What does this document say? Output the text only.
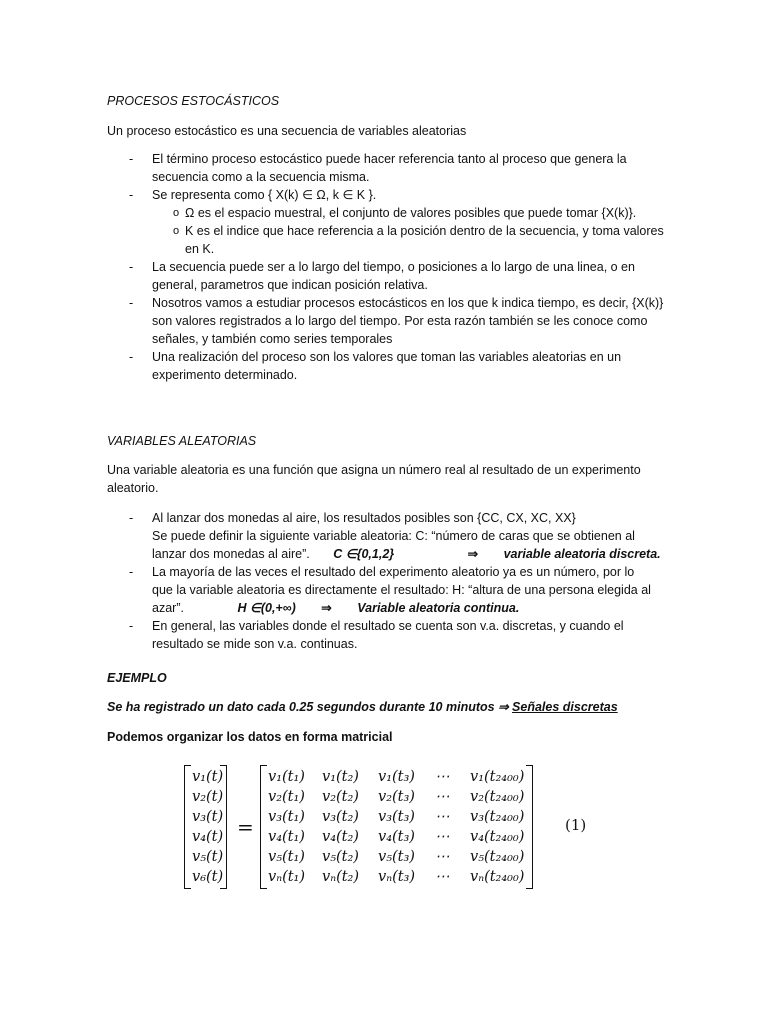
PROCESOS ESTOCÁSTICOS
Un proceso estocástico es una secuencia de variables aleatorias
- El término proceso estocástico puede hacer referencia tanto al proceso que genera la secuencia como a la secuencia misma.
- Se representa como { X(k) ∈ Ω, k ∈ K }.
o Ω es el espacio muestral, el conjunto de valores posibles que puede tomar {X(k)}.
o K es el indice que hace referencia a la posición dentro de la secuencia, y toma valores en K.
- La secuencia puede ser a lo largo del tiempo, o posiciones a lo largo de una linea, o en general, parametros que indican posición relativa.
- Nosotros vamos a estudiar procesos estocásticos en los que k indica tiempo, es decir, {X(k)} son valores registrados a lo largo del tiempo. Por esta razón también se les conoce como señales, y también como series temporales
- Una realización del proceso son los valores que toman las variables aleatorias en un experimento determinado.
VARIABLES ALEATORIAS
Una variable aleatoria es una función que asigna un número real al resultado de un experimento aleatorio.
- Al lanzar dos monedas al aire, los resultados posibles son {CC, CX, XC, XX}
Se puede definir la siguiente variable aleatoria: C: “número de caras que se obtienen al
lanzar dos monedas al aire”. C ∈{0,1,2}	⇒ variable aleatoria discreta.
- La mayoría de las veces el resultado del experimento aleatorio ya es un número, por lo
que la variable aleatoria es directamente el resultado: H: “altura de una persona elegida al
azar”.	H ∈(0,+∞) ⇒ Variable aleatoria continua.
- En general, las variables donde el resultado se cuenta son v.a. discretas, y cuando el resultado se mide son v.a. continuas.
EJEMPLO
Se ha registrado un dato cada 0.25 segundos durante 10 minutos ⇒ Señales discretas
Podemos organizar los datos en forma matricial
=	(1)
v₁(t)	v₁(t₁) v₁(t₂) v₁(t₃) ⋯ v₁(t₂₄₀₀)
v₂(t)	v₂(t₁) v₂(t₂) v₂(t₃) ⋯ v₂(t₂₄₀₀)
v₃(t)	v₃(t₁) v₃(t₂) v₃(t₃) ⋯ v₃(t₂₄₀₀)
v₄(t)	v₄(t₁) v₄(t₂) v₄(t₃) ⋯ v₄(t₂₄₀₀)
v₅(t)	v₅(t₁) v₅(t₂) v₅(t₃) ⋯ v₅(t₂₄₀₀)
v₆(t)	vₙ(t₁) vₙ(t₂) vₙ(t₃) ⋯ vₙ(t₂₄₀₀)
